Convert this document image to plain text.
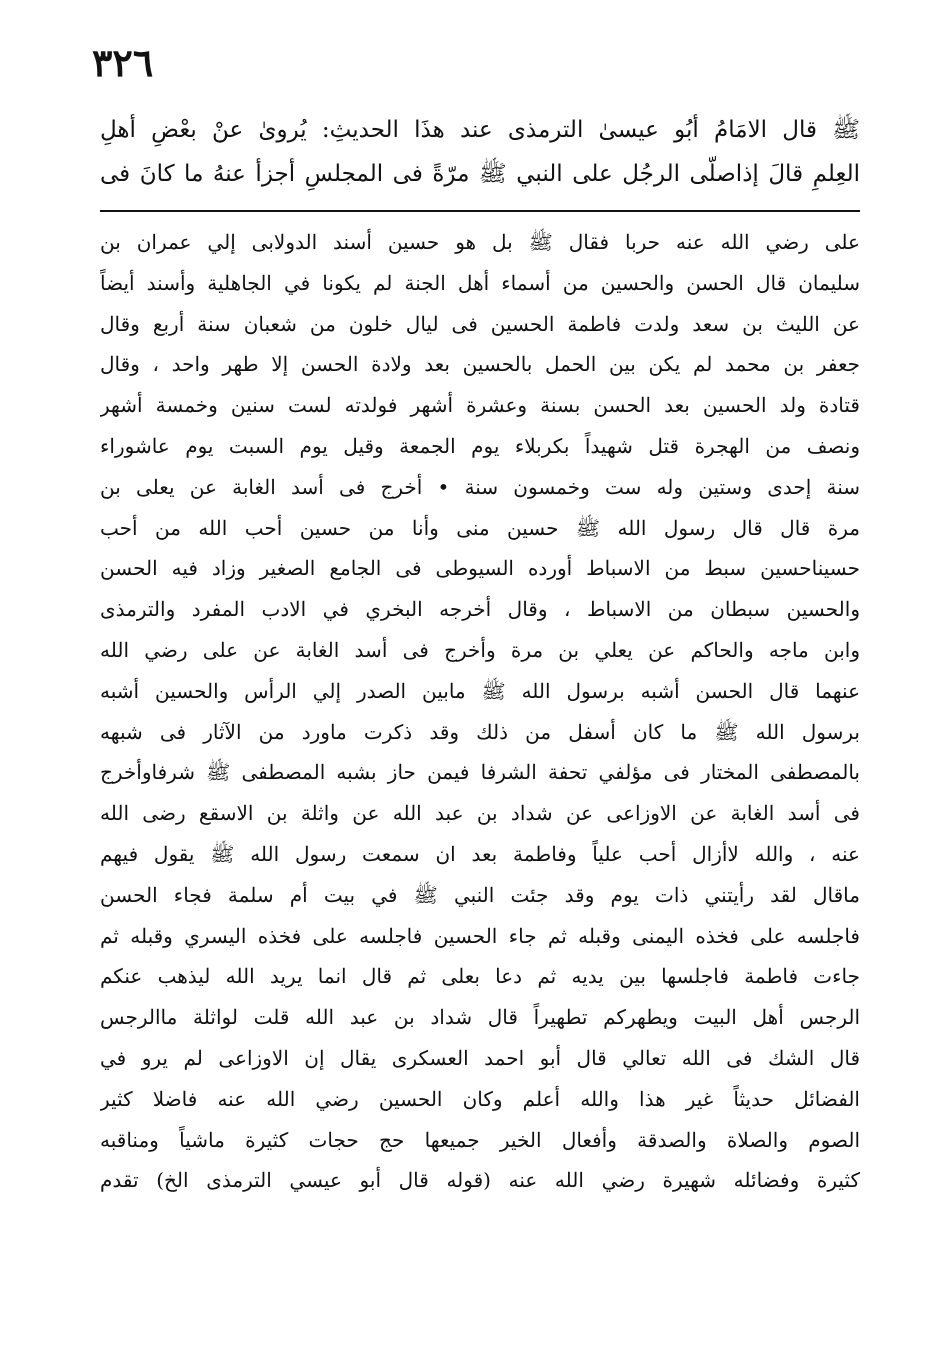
٣٢٦
ﷺ قال الامَامُ أبُو عيسىٰ الترمذى عند هذَا الحديثِ: يُروىٰ عنْ بعْضِ أهلِ
العِلمِ قالَ إذاصلّى الرجُل على النبي ﷺ مرّةً فى المجلسِ أجزأ عنهُ ما كانَ فى
على رضي الله عنه حربا فقال ﷺ بل هو حسين أسند الدولابى إلي عمران بن
سليمان قال الحسن والحسين من أسماء أهل الجنة لم يكونا في الجاهلية وأسند أيضاً
عن الليث بن سعد ولدت فاطمة الحسين فى ليال خلون من شعبان سنة أربع وقال
جعفر بن محمد لم يكن بين الحمل بالحسين بعد ولادة الحسن إلا طهر واحد ، وقال
قتادة ولد الحسين بعد الحسن بسنة وعشرة أشهر فولدته لست سنين وخمسة أشهر
ونصف من الهجرة قتل شهيداً بكربلاء يوم الجمعة وقيل يوم السبت يوم عاشوراء
سنة إحدى وستين وله ست وخمسون سنة • أخرج فى أسد الغابة عن يعلى بن
مرة قال قال رسول الله ﷺ حسين منى وأنا من حسين أحب الله من أحب
حسيناحسين سبط من الاسباط أورده السيوطى فى الجامع الصغير وزاد فيه الحسن
والحسين سبطان من الاسباط ، وقال أخرجه البخري في الادب المفرد والترمذى
وابن ماجه والحاكم عن يعلي بن مرة وأخرج فى أسد الغابة عن على رضي الله
عنهما قال الحسن أشبه برسول الله ﷺ مابين الصدر إلي الرأس والحسين أشبه
برسول الله ﷺ ما كان أسفل من ذلك وقد ذكرت ماورد من الآثار فى شبهه
بالمصطفى المختار فى مؤلفي تحفة الشرفا فيمن حاز بشبه المصطفى ﷺ شرفاوأخرج
فى أسد الغابة عن الاوزاعى عن شداد بن عبد الله عن واثلة بن الاسقع رضى الله
عنه ، والله لاأزال أحب علياً وفاطمة بعد ان سمعت رسول الله ﷺ يقول فيهم
ماقال لقد رأيتني ذات يوم وقد جئت النبي ﷺ في بيت أم سلمة فجاء الحسن
فاجلسه على فخذه اليمنى وقبله ثم جاء الحسين فاجلسه على فخذه اليسري وقبله ثم
جاءت فاطمة فاجلسها بين يديه ثم دعا بعلى ثم قال انما يريد الله ليذهب عنكم
الرجس أهل البيت ويطهركم تطهيراً قال شداد بن عبد الله قلت لواثلة ماالرجس
قال الشك فى الله تعالي قال أبو احمد العسكرى يقال إن الاوزاعى لم يرو في
الفضائل حديثاً غير هذا والله أعلم وكان الحسين رضي الله عنه فاضلا كثير
الصوم والصلاة والصدقة وأفعال الخير جميعها حج حجات كثيرة ماشياً ومناقبه
كثيرة وفضائله شهيرة رضي الله عنه (قوله قال أبو عيسي الترمذى الخ) تقدم
